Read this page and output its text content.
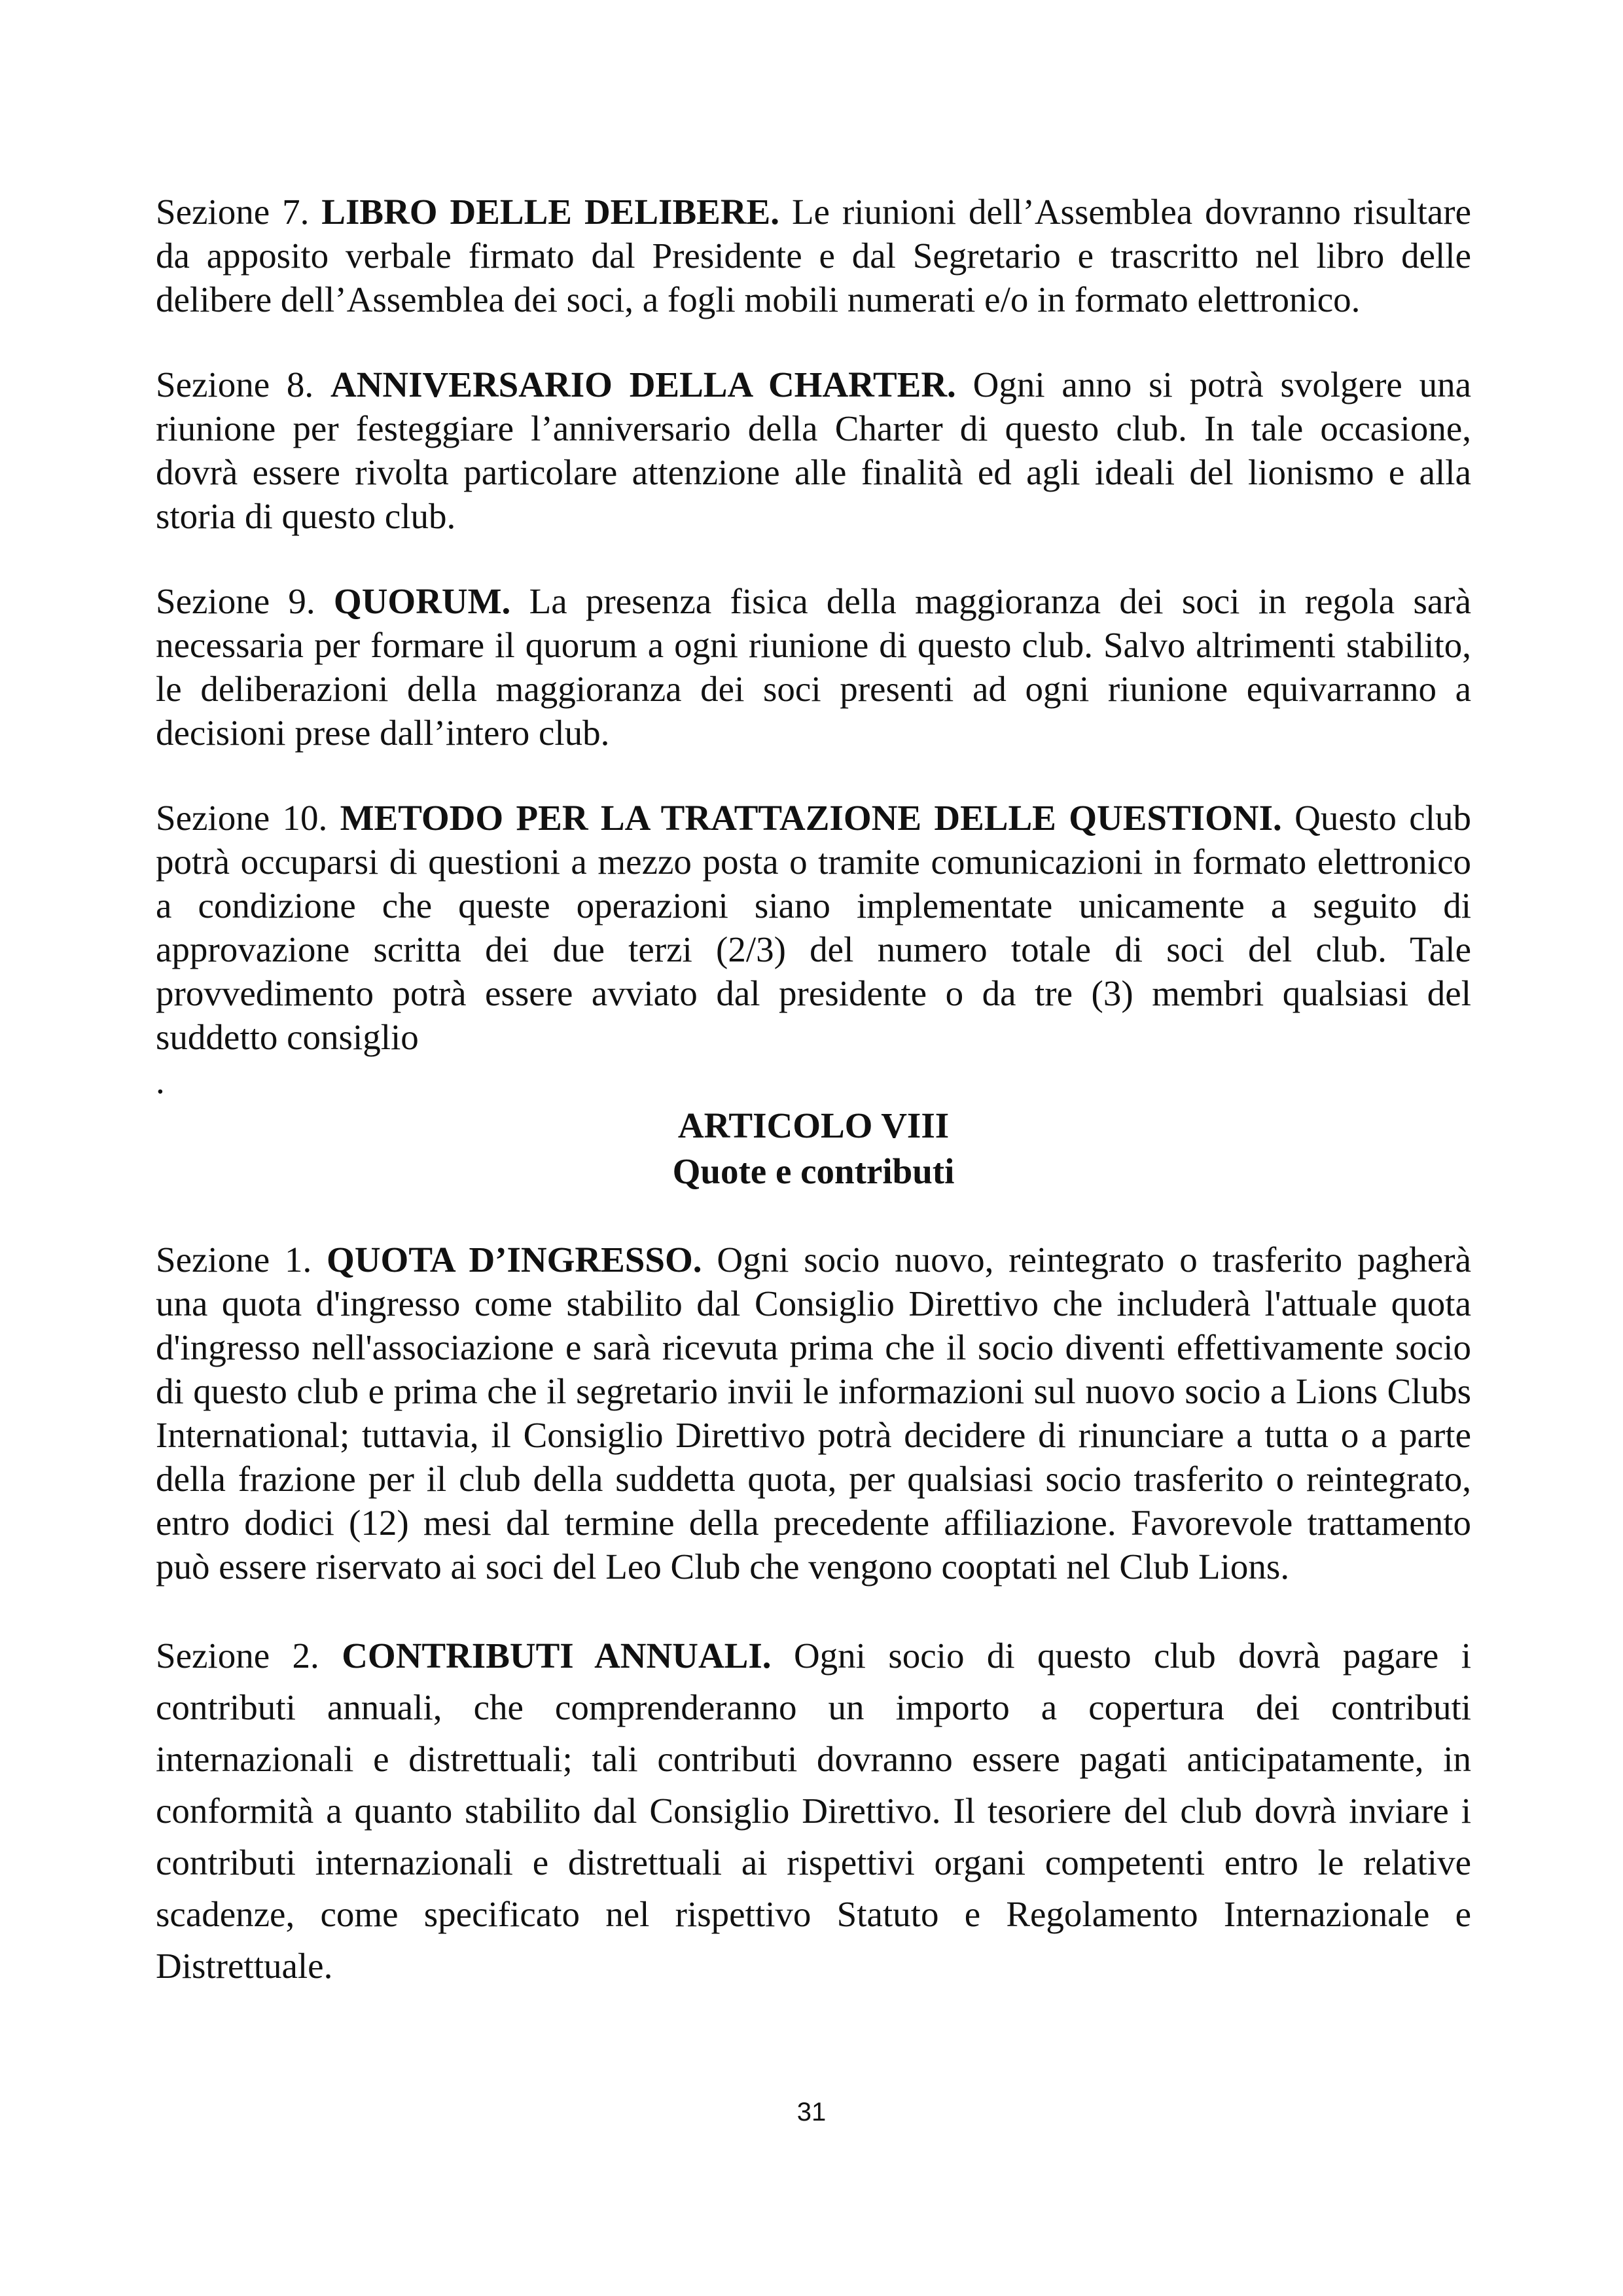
Sezione 7. LIBRO DELLE DELIBERE. Le riunioni dell’Assemblea dovranno risultare da apposito verbale firmato dal Presidente e dal Segretario e trascritto nel libro delle delibere dell’Assemblea dei soci, a fogli mobili numerati e/o in formato elettronico.

Sezione 8. ANNIVERSARIO DELLA CHARTER. Ogni anno si potrà svolgere una riunione per festeggiare l’anniversario della Charter di questo club. In tale occasione, dovrà essere rivolta particolare attenzione alle finalità ed agli ideali del lionismo e alla storia di questo club.

Sezione 9. QUORUM. La presenza fisica della maggioranza dei soci in regola sarà necessaria per formare il quorum a ogni riunione di questo club. Salvo altrimenti stabilito, le deliberazioni della maggioranza dei soci presenti ad ogni riunione equivarranno a decisioni prese dall’intero club.

Sezione 10. METODO PER LA TRATTAZIONE DELLE QUESTIONI. Questo club potrà occuparsi di questioni a mezzo posta o tramite comunicazioni in formato elettronico a condizione che queste operazioni siano implementate unicamente a seguito di approvazione scritta dei due terzi (2/3) del numero totale di soci del club. Tale provvedimento potrà essere avviato dal presidente o da tre (3) membri qualsiasi del suddetto consiglio

.
ARTICOLO VIII
Quote e contributi

Sezione 1. QUOTA D’INGRESSO. Ogni socio nuovo, reintegrato o trasferito pagherà una quota d'ingresso come stabilito dal Consiglio Direttivo che includerà l'attuale quota d'ingresso nell'associazione e sarà ricevuta prima che il socio diventi effettivamente socio di questo club e prima che il segretario invii le informazioni sul nuovo socio a Lions Clubs International; tuttavia, il Consiglio Direttivo potrà decidere di rinunciare a tutta o a parte della frazione per il club della suddetta quota, per qualsiasi socio trasferito o reintegrato, entro dodici (12) mesi dal termine della precedente affiliazione. Favorevole trattamento può essere riservato ai soci del Leo Club che vengono cooptati nel Club Lions.

Sezione 2. CONTRIBUTI ANNUALI. Ogni socio di questo club dovrà pagare i contributi annuali, che comprenderanno un importo a copertura dei contributi internazionali e distrettuali; tali contributi dovranno essere pagati anticipatamente, in conformità a quanto stabilito dal Consiglio Direttivo. Il tesoriere del club dovrà inviare i contributi internazionali e distrettuali ai rispettivi organi competenti entro le relative scadenze, come specificato nel rispettivo Statuto e Regolamento Internazionale e Distrettuale.

31
